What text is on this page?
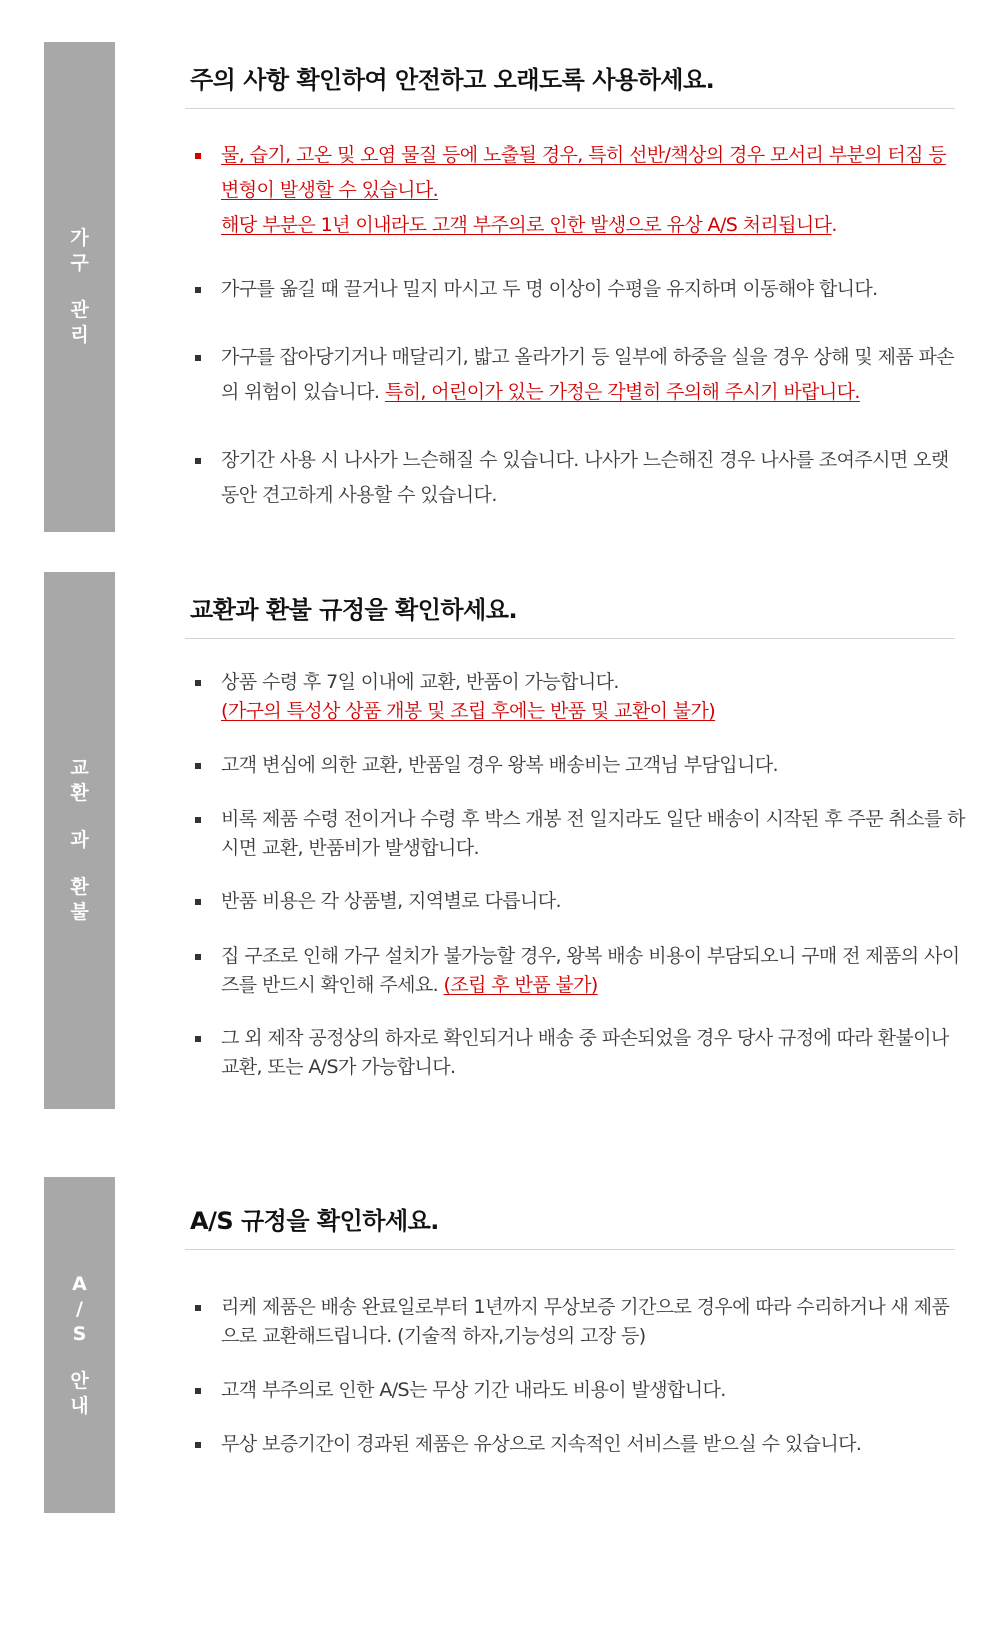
가
구
관
리
주의 사항 확인하여 안전하고 오래도록 사용하세요.
물, 습기, 고온 및 오염 물질 등에 노출될 경우, 특히 선반/책상의 경우 모서리 부분의 터짐 등
변형이 발생할 수 있습니다.
해당 부분은 1년 이내라도 고객 부주의로 인한 발생으로 유상 A/S 처리됩니다.
가구를 옮길 때 끌거나 밀지 마시고 두 명 이상이 수평을 유지하며 이동해야 합니다.
가구를 잡아당기거나 매달리기, 밟고 올라가기 등 일부에 하중을 실을 경우 상해 및 제품 파손의 위험이 있습니다. 특히, 어린이가 있는 가정은 각별히 주의해 주시기 바랍니다.
장기간 사용 시 나사가 느슨해질 수 있습니다. 나사가 느슨해진 경우 나사를 조여주시면 오랫동안 견고하게 사용할 수 있습니다.
교
환
과
환
불
교환과 환불 규정을 확인하세요.
상품 수령 후 7일 이내에 교환, 반품이 가능합니다.
(가구의 특성상 상품 개봉 및 조립 후에는 반품 및 교환이 불가)
고객 변심에 의한 교환, 반품일 경우 왕복 배송비는 고객님 부담입니다.
비록 제품 수령 전이거나 수령 후 박스 개봉 전 일지라도 일단 배송이 시작된 후 주문 취소를 하시면 교환, 반품비가 발생합니다.
반품 비용은 각 상품별, 지역별로 다릅니다.
집 구조로 인해 가구 설치가 불가능할 경우, 왕복 배송 비용이 부담되오니 구매 전 제품의 사이즈를 반드시 확인해 주세요. (조립 후 반품 불가)
그 외 제작 공정상의 하자로 확인되거나 배송 중 파손되었을 경우 당사 규정에 따라 환불이나 교환, 또는 A/S가 가능합니다.
A
/
S
안
내
A/S 규정을 확인하세요.
리케 제품은 배송 완료일로부터 1년까지 무상보증 기간으로 경우에 따라 수리하거나 새 제품으로 교환해드립니다. (기술적 하자,기능성의 고장 등)
고객 부주의로 인한 A/S는 무상 기간 내라도 비용이 발생합니다.
무상 보증기간이 경과된 제품은 유상으로 지속적인 서비스를 받으실 수 있습니다.
